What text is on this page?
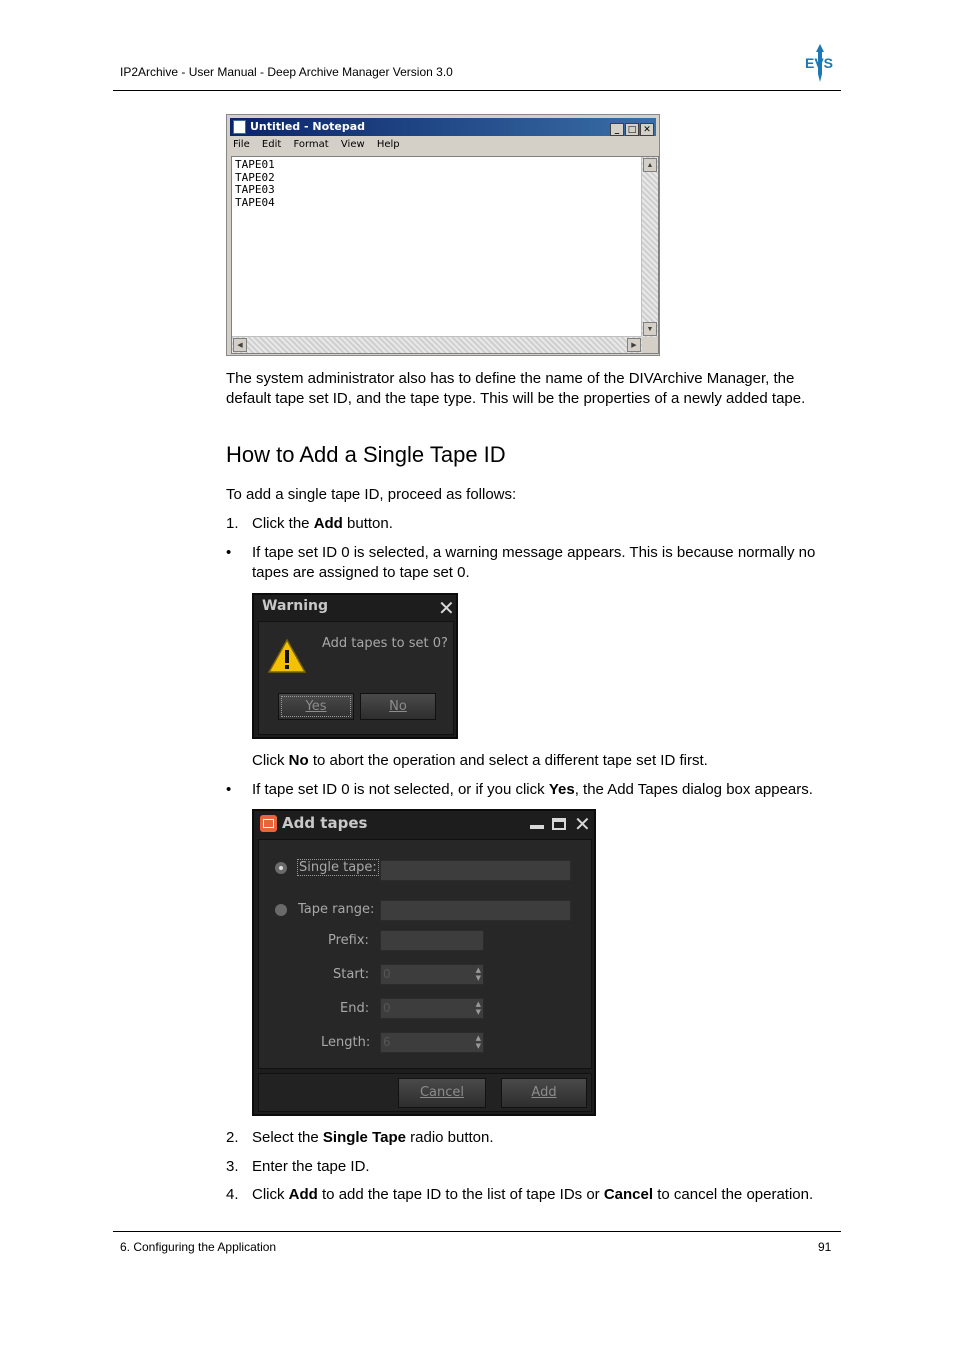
IP2Archive - User Manual - Deep Archive Manager Version 3.0
EVS
Untitled - Notepad	_ □ ✕
File Edit Format View Help
TAPE01
TAPE02
TAPE03
TAPE04
▲
▼
◀	▶
The system administrator also has to define the name of the DIVArchive Manager, the default tape set ID, and the tape type. This will be the properties of a newly added tape.
How to Add a Single Tape ID
To add a single tape ID, proceed as follows:
1. Click the Add button.
• If tape set ID 0 is selected, a warning message appears. This is because normally no tapes are assigned to tape set 0.
Warning	✕
Add tapes to set 0?
Yes	No
Click No to abort the operation and select a different tape set ID first.
• If tape set ID 0 is not selected, or if you click Yes, the Add Tapes dialog box appears.
Add tapes	✕
Single tape:
Tape range:
Prefix:
Start: 0	▲
▼
End: 0	▲
▼
Length: 6	▲
▼
Cancel	Add
2. Select the Single Tape radio button.
3. Enter the tape ID.
4. Click Add to add the tape ID to the list of tape IDs or Cancel to cancel the operation.
6. Configuring the Application	91
